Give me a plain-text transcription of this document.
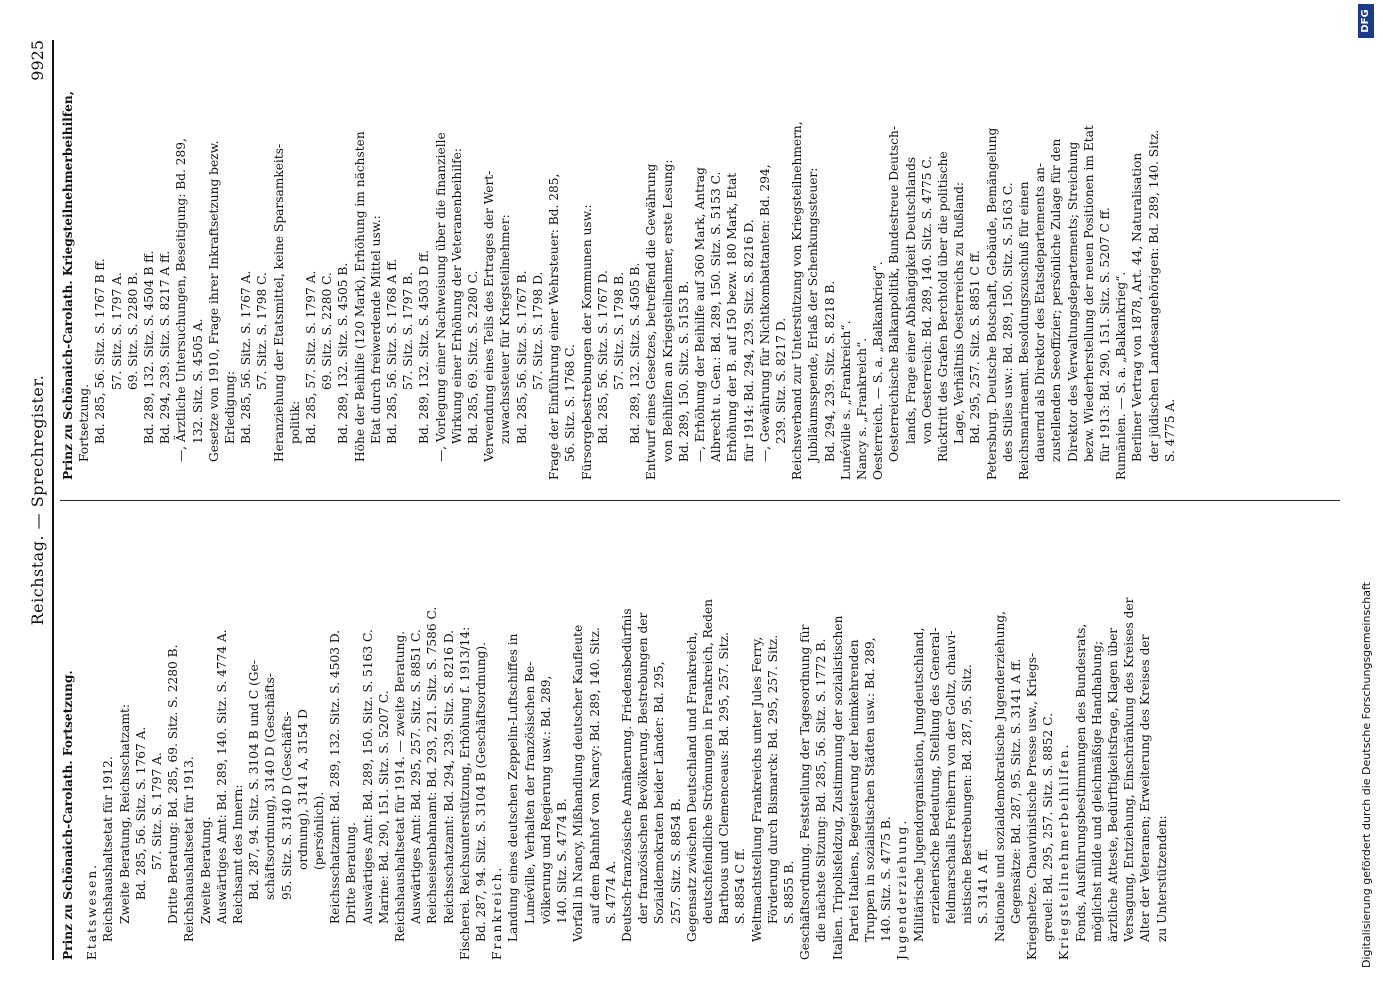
Reichstag. — Sprechregister.
9925
Prinz zu Schönaich-Carolath. Fortsetzung. Etatswesen. Reichshaushaltsetat für 1912. Zweite Beratung, Reichsschatzamt: Bd. 285, 56. Sitz. S. 1767 A. 57. Sitz. S. 1797 A. Dritte Beratung: Bd. 285, 69. Sitz. S. 2280 B. Reichshaushaltsetat für 1913. Zweite Beratung. Auswärtiges Amt: Bd. 289, 140. Sitz. S. 4774 A. Reichsamt des Innern: Bd. 287, 94. Sitz. S. 3104 B und C (Ge- schäftsordnung), 3140 D (Geschäfts- 95. Sitz. S. 3140 D (Geschäfts- ordnung), 3141 A, 3154 D (persönlich). Reichsschatzamt: Bd. 289, 132. Sitz. S. 4503 D. Dritte Beratung. Auswärtiges Amt: Bd. 289, 150. Sitz. S. 5163 C. Marine: Bd. 290, 151. Sitz. S. 5207 C. Reichshaushaltsetat für 1914. — zweite Beratung. Auswärtiges Amt: Bd. 295, 257. Sitz. S. 8851 C. Reichseisenbahnamt: Bd. 293, 221. Sitz. S. 7586 C. Reichsschatzamt: Bd. 294, 239. Sitz. S. 8216 D. Fischerei. Reichsunterstützung, Erhöhung f. 1913/14: Bd. 287, 94. Sitz. S. 3104 B (Geschäftsordnung). Frankreich. Landung eines deutschen Zeppelin-Luftschiffes in Lunéville, Verhalten der französischen Be- völkerung und Regierung usw.: Bd. 289, 140. Sitz. S. 4774 B. Vorfall in Nancy, Mißhandlung deutscher Kaufleute auf dem Bahnhof von Nancy: Bd. 289, 140. Sitz. S. 4774 A. Deutsch-französische Annäherung. Friedensbedürfnis der französischen Bevölkerung. Bestrebungen der Sozialdemokraten beider Länder: Bd. 295, 257. Sitz. S. 8854 B. Gegensatz zwischen Deutschland und Frankreich, deutschfeindliche Strömungen in Frankreich, Reden Barthous und Clemenceaus: Bd. 295, 257. Sitz. S. 8854 C ff. Weltmachtstellung Frankreichs unter Jules Ferry, Förderung durch Bismarck: Bd. 295, 257. Sitz. S. 8855 B. Geschäftsordnung. Feststellung der Tagesordnung für die nächste Sitzung: Bd. 285, 56. Sitz. S. 1772 B. Italien. Tripolisfeldzug, Zustimmung der sozialistischen Partei Italiens, Begeisterung der heimkehrenden Truppen in sozialistischen Städten usw.: Bd. 289, 140. Sitz. S. 4775 B. Jugenderziehung. Militärische Jugendorganisation, Jungdeutschland, erzieherische Bedeutung, Stellung des General- feldmarschalls Freiherrn von der Goltz, chauvi- nistische Bestrebungen: Bd. 287, 95. Sitz. S. 3141 A ff. Nationale und sozialdemokratische Jugenderziehung, Gegensätze: Bd. 287, 95. Sitz. S. 3141 A ff. Kriegshetze. Chauvinistische Presse usw., Kriegs- greuel: Bd. 295, 257. Sitz. S. 8852 C. Kriegsteilnehmerbeihilfen. Fonds, Ausführungsbestimmungen des Bundesrats, möglichst milde und gleichmäßige Handhabung; ärztliche Atteste, Bedürftigkeitsfrage, Klagen über Versagung, Entziehung, Einschränkung des Kreises der Alter der Veteranen; Erweiterung des Kreises der zu Unterstützenden:
Prinz zu Schönaich-Carolath. Kriegsteilnehmerbeihilfen, Fortsetzung. Bd. 285, 56. Sitz. S. 1767 B ff. 57. Sitz. S. 1797 A. 69. Sitz. S. 2280 B. Bd. 289, 132. Sitz. S. 4504 B ff. Bd. 294, 239. Sitz. S. 8217 A ff. —, Ärztliche Untersuchungen, Beseitigung: Bd. 289, 132. Sitz. S. 4505 A. Gesetze von 1910, Frage ihrer Inkraftsetzung bezw. Erledigung: Bd. 285, 56. Sitz. S. 1767 A. 57. Sitz. S. 1798 C. Heranziehung der Etatsmittel, keine Sparsamkeits- politik: Bd. 285, 57. Sitz. S. 1797 A. 69. Sitz. S. 2280 C. Bd. 289, 132. Sitz. S. 4505 B. Höhe der Beihilfe (120 Mark), Erhöhung im nächsten Etat durch freiwerdende Mittel usw.: Bd. 285, 56. Sitz. S. 1768 A ff. 57. Sitz. S. 1797 B. Bd. 289, 132. Sitz. S. 4503 D ff. —, Vorlegung einer Nachweisung über die finanzielle Wirkung einer Erhöhung der Veteranenbeihilfe: Bd. 285, 69. Sitz. S. 2280 C. Verwendung eines Teils des Ertrages der Wert- zuwachssteuer für Kriegsteilnehmer: Bd. 285, 56. Sitz. S. 1767 B. 57. Sitz. S. 1798 D. Frage der Einführung einer Wehrsteuer: Bd. 285, 56. Sitz. S. 1768 C. Fürsorgebestrebungen der Kommunen usw.: Bd. 285, 56. Sitz. S. 1767 D. 57. Sitz. S. 1798 B. Bd. 289, 132. Sitz. S. 4505 B. Entwurf eines Gesetzes, betreffend die Gewährung von Beihilfen an Kriegsteilnehmer, erste Lesung: Bd. 289, 150. Sitz. S. 5153 B. —, Erhöhung der Beihilfe auf 360 Mark, Antrag Albrecht u. Gen.: Bd. 289, 150. Sitz. S. 5153 C. Erhöhung der B. auf 150 bezw. 180 Mark, Etat für 1914: Bd. 294, 239. Sitz. S. 8216 D. —, Gewährung für Nichtkombattanten: Bd. 294, 239. Sitz. S. 8217 D. Reichsverband zur Unterstützung von Kriegsteilnehmern, Jubiläumsspende, Erlaß der Schenkungssteuer: Bd. 294, 239. Sitz. S. 8218 B. Lunéville s. „Frankreich“. Nancy s. „Frankreich“. Oesterreich. — S. a. „Balkankrieg“. Oesterreichische Balkanpolitik, Bundestreue Deutsch- lands, Frage einer Abhängigkeit Deutschlands von Oesterreich: Bd. 289, 140. Sitz. S. 4775 C. Rücktritt des Grafen Berchtold über die politische Lage, Verhältnis Oesterreichs zu Rußland: Bd. 295, 257. Sitz. S. 8851 C ff. Petersburg. Deutsche Botschaft, Gebäude, Bemängelung des Stiles usw.: Bd. 289, 150. Sitz. S. 5163 C. Reichsmarineamt. Besoldungszuschuß für einen dauernd als Direktor des Etatsdepartements an- zustellenden Seeoffizier; persönliche Zulage für den Direktor des Verwaltungsdepartements; Streichung bezw. Wiederherstellung der neuen Positionen im Etat für 1913: Bd. 290, 151. Sitz. S. 5207 C ff. Rumänien. — S. a. „Balkankrieg“. Berliner Vertrag von 1878, Art. 44, Naturalisation der jüdischen Landesangehörigen: Bd. 289, 140. Sitz. S. 4775 A.
Digitalisierung gefördert durch die Deutsche Forschungsgemeinschaft
DFG
